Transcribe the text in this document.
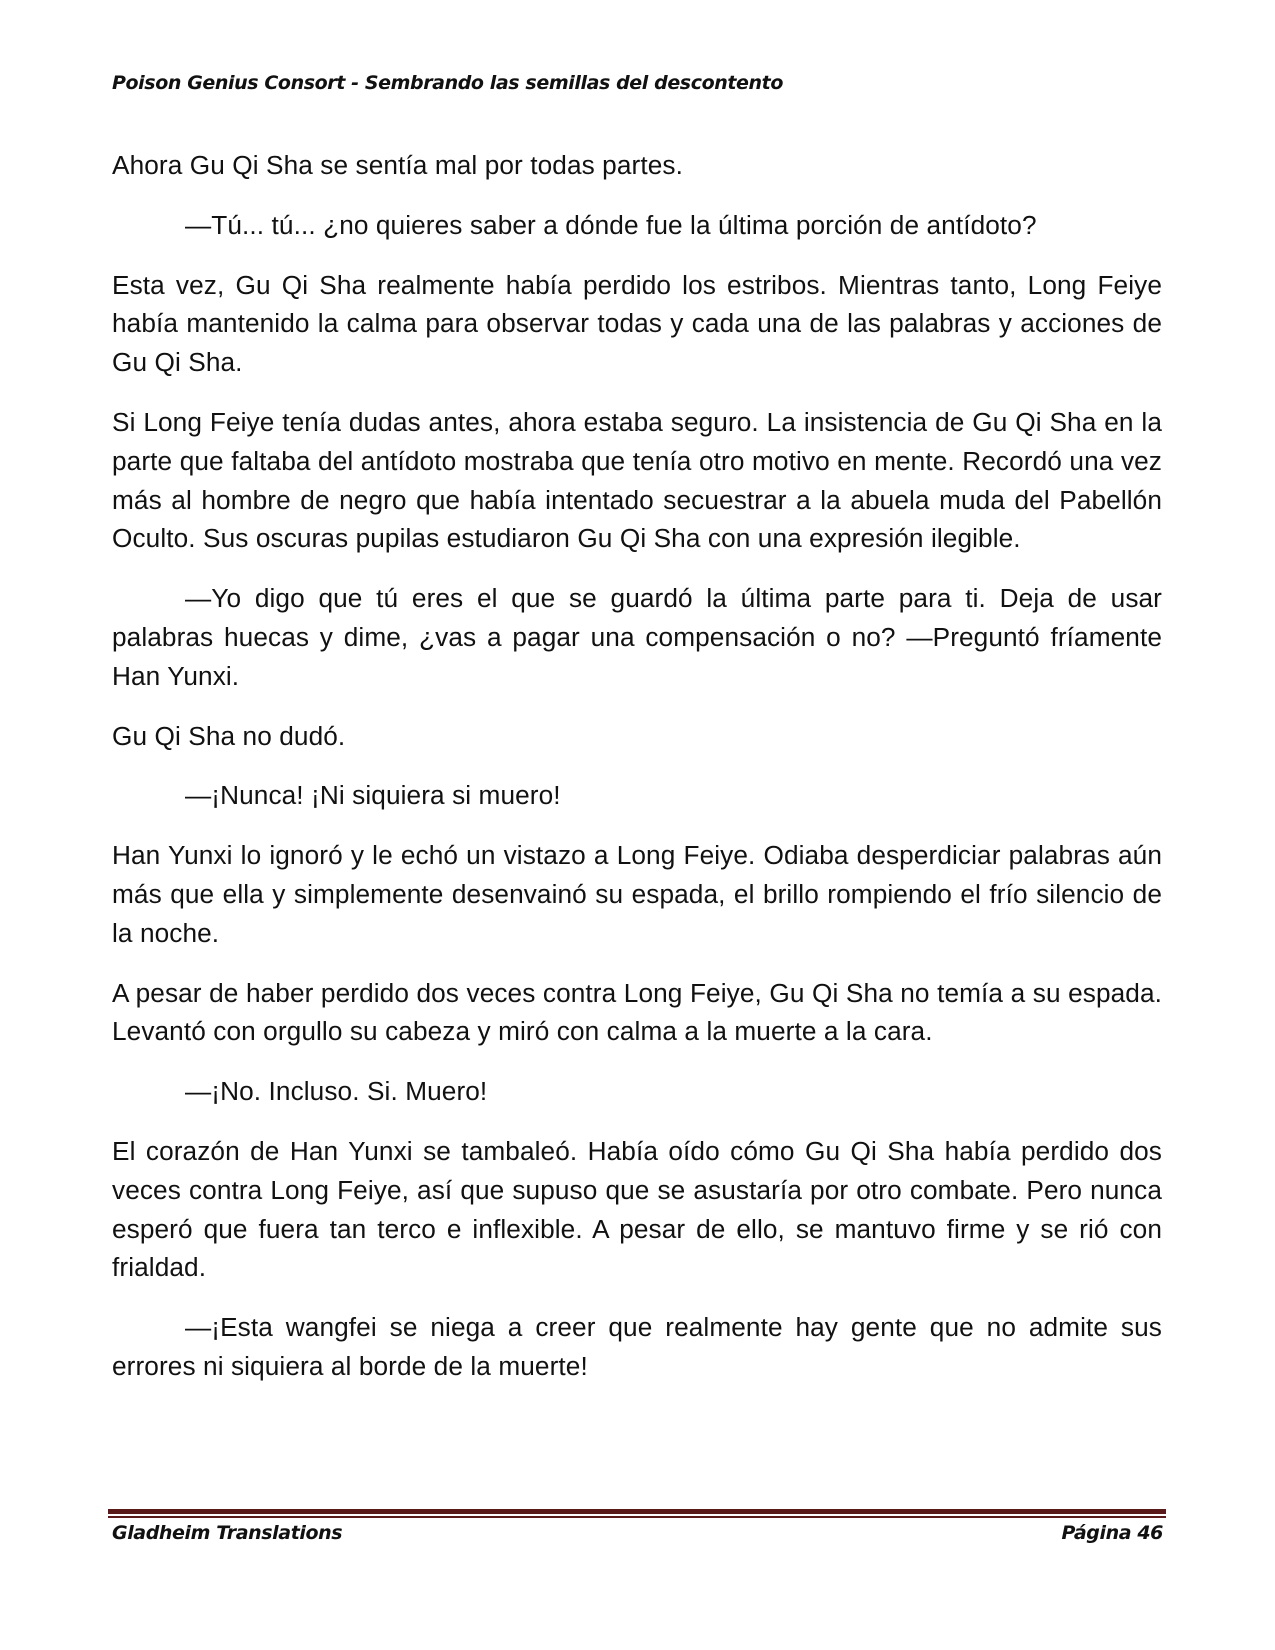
Poison Genius Consort - Sembrando las semillas del descontento

Ahora Gu Qi Sha se sentía mal por todas partes.

—Tú... tú... ¿no quieres saber a dónde fue la última porción de antídoto?

Esta vez, Gu Qi Sha realmente había perdido los estribos. Mientras tanto, Long Feiye había mantenido la calma para observar todas y cada una de las palabras y acciones de Gu Qi Sha.

Si Long Feiye tenía dudas antes, ahora estaba seguro. La insistencia de Gu Qi Sha en la parte que faltaba del antídoto mostraba que tenía otro motivo en mente. Recordó una vez más al hombre de negro que había intentado secuestrar a la abuela muda del Pabellón Oculto. Sus oscuras pupilas estudiaron Gu Qi Sha con una expresión ilegible.

—Yo digo que tú eres el que se guardó la última parte para ti. Deja de usar palabras huecas y dime, ¿vas a pagar una compensación o no? —Preguntó fríamente Han Yunxi.

Gu Qi Sha no dudó.

—¡Nunca! ¡Ni siquiera si muero!

Han Yunxi lo ignoró y le echó un vistazo a Long Feiye. Odiaba desperdiciar palabras aún más que ella y simplemente desenvainó su espada, el brillo rompiendo el frío silencio de la noche.

A pesar de haber perdido dos veces contra Long Feiye, Gu Qi Sha no temía a su espada. Levantó con orgullo su cabeza y miró con calma a la muerte a la cara.

—¡No. Incluso. Si. Muero!

El corazón de Han Yunxi se tambaleó. Había oído cómo Gu Qi Sha había perdido dos veces contra Long Feiye, así que supuso que se asustaría por otro combate. Pero nunca esperó que fuera tan terco e inflexible. A pesar de ello, se mantuvo firme y se rió con frialdad.

—¡Esta wangfei se niega a creer que realmente hay gente que no admite sus errores ni siquiera al borde de la muerte!

Gladheim Translations	Página 46
